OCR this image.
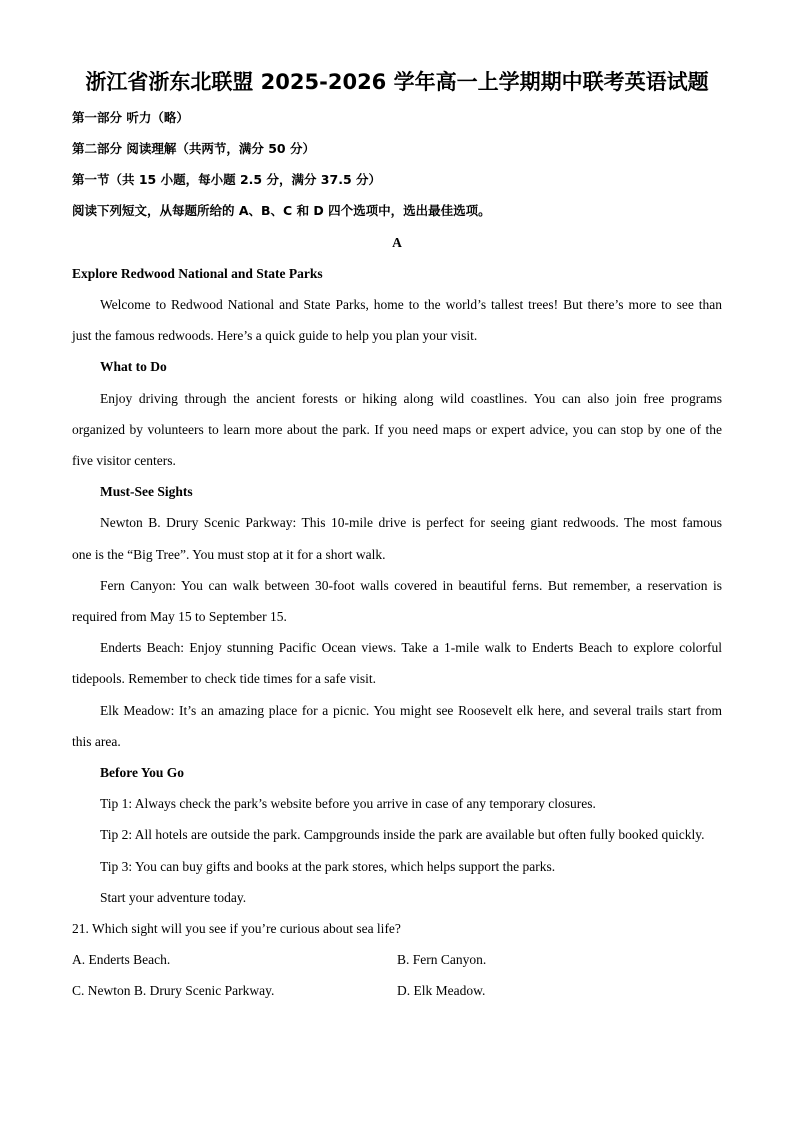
浙江省浙东北联盟 2025-2026 学年高一上学期期中联考英语试题
第一部分 听力（略）
第二部分 阅读理解（共两节，满分 50 分）
第一节（共 15 小题，每小题 2.5 分，满分 37.5 分）
阅读下列短文，从每题所给的 A、B、C 和 D 四个选项中，选出最佳选项。
A
Explore Redwood National and State Parks
Welcome to Redwood National and State Parks, home to the world’s tallest trees! But there’s more to see than
just the famous redwoods. Here’s a quick guide to help you plan your visit.
What to Do
Enjoy driving through the ancient forests or hiking along wild coastlines. You can also join free programs
organized by volunteers to learn more about the park. If you need maps or expert advice, you can stop by one of the
five visitor centers.
Must-See Sights
Newton B. Drury Scenic Parkway: This 10-mile drive is perfect for seeing giant redwoods. The most famous
one is the “Big Tree”. You must stop at it for a short walk.
Fern Canyon: You can walk between 30-foot walls covered in beautiful ferns. But remember, a reservation is
required from May 15 to September 15.
Enderts Beach: Enjoy stunning Pacific Ocean views. Take a 1-mile walk to Enderts Beach to explore colorful
tidepools. Remember to check tide times for a safe visit.
Elk Meadow: It’s an amazing place for a picnic. You might see Roosevelt elk here, and several trails start from
this area.
Before You Go
Tip 1: Always check the park’s website before you arrive in case of any temporary closures.
Tip 2: All hotels are outside the park. Campgrounds inside the park are available but often fully booked quickly.
Tip 3: You can buy gifts and books at the park stores, which helps support the parks.
Start your adventure today.
21. Which sight will you see if you’re curious about sea life?
A. Enderts Beach.	B. Fern Canyon.
C. Newton B. Drury Scenic Parkway.	D. Elk Meadow.
